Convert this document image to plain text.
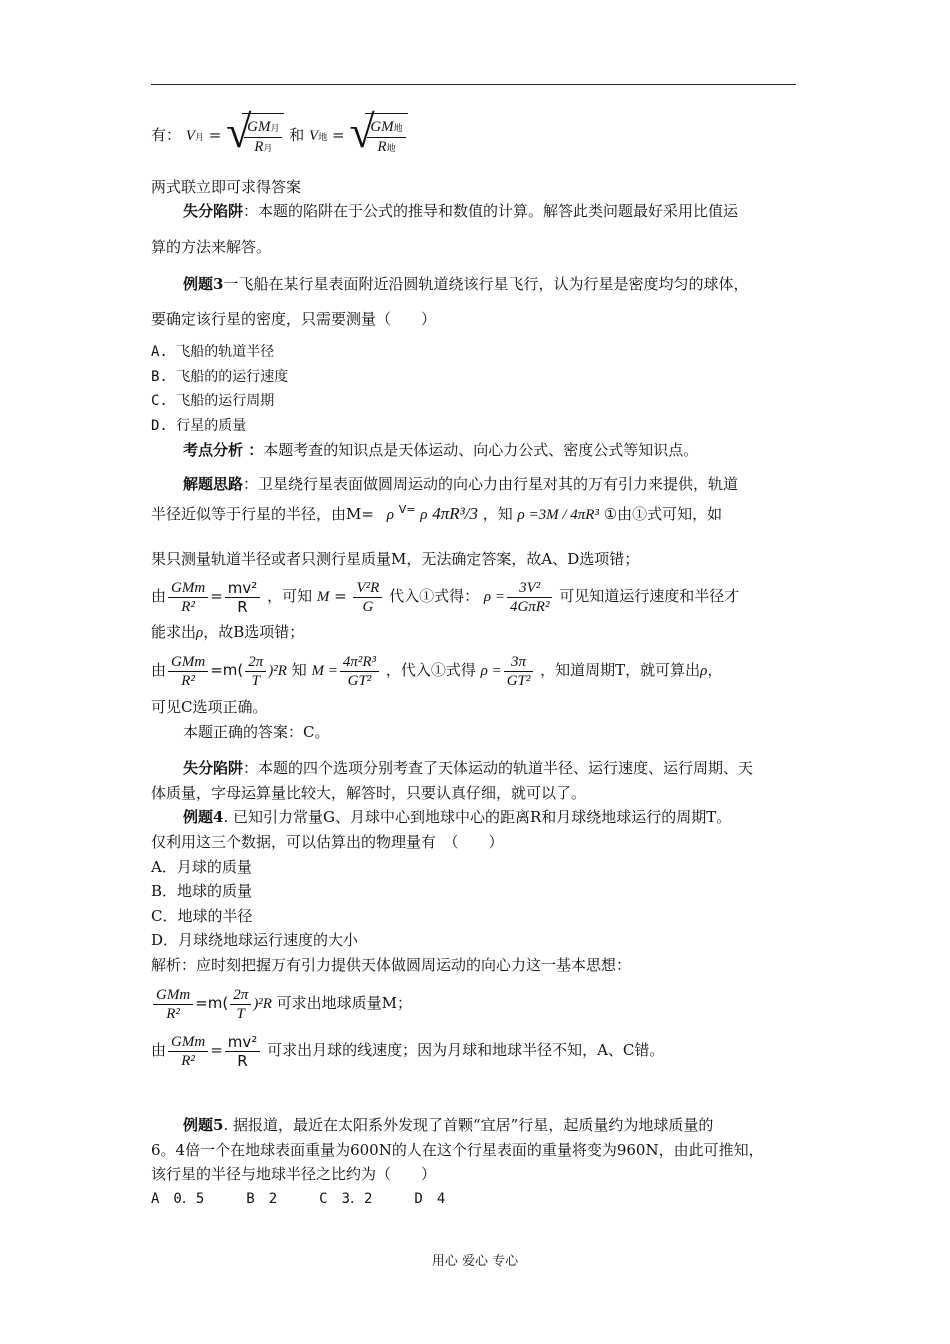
有： V月 = √
$\frac{\text{GM月}}{\text{R月}}$ 和 V地 = √
$\frac{\text{GM地}}{\text{R地}}$
两式联立即可求得答案
失分陷阱：本题的陷阱在于公式的推导和数值的计算。解答此类问题最好采用比值运
算的方法来解答。
例题3一飞船在某行星表面附近沿圆轨道绕该行星飞行，认为行星是密度均匀的球体，
要确定该行星的密度，只需要测量（　　）
A. 飞船的轨道半径
B. 飞船的的运行速度
C. 飞船的运行周期
D. 行星的质量
考点分析 ：本题考查的知识点是天体运动、向心力公式、密度公式等知识点。
解题思路：卫星绕行星表面做圆周运动的向心力由行星对其的万有引力来提供，轨道
半径近似等于行星的半径，由M= ρ $^{V=}$ ρ 4πR³/3 ，知 ρ =3M / 4πR³ ①由①式可知，如
果只测量轨道半径或者只测行星质量M，无法确定答案，故A、D选项错；
由 $\frac{\text{GMm}}{\text{R²}} = \frac{\text{mv²}}{R}$ ，可知 $M = \frac{\text{V²R}}{G}$ 代入①式得： $\rho = \frac{\text{3V²}}{\text{4GπR²}}$ 可见知道运行速度和半径才
能求出ρ，故B选项错；
由 $\frac{\text{GMm}}{\text{R²}} =m( \frac{2\pi}{T} )^2R$ 知 $M = \frac{\text{4π²R³}}{\text{GT²}}$ ，代入①式得 $\rho = \frac{3\pi}{\text{GT²}}$ ，知道周期T，就可算出ρ，
可见C选项正确。
本题正确的答案：C。
失分陷阱：本题的四个选项分别考查了天体运动的轨道半径、运行速度、运行周期、天
体质量，字母运算量比较大，解答时，只要认真仔细，就可以了。
例题4. 已知引力常量G、月球中心到地球中心的距离R和月球绕地球运行的周期T。
仅利用这三个数据，可以估算出的物理量有　（　　）
A．月球的质量
B．地球的质量
C．地球的半径
D．月球绕地球运行速度的大小
解析：应时刻把握万有引力提供天体做圆周运动的向心力这一基本思想：
$\frac{\text{GMm}}{\text{R²}} =m( \frac{2\pi}{T} )^2R$ 可求出地球质量M；
由 $\frac{\text{GMm}}{\text{R²}} = \frac{\text{mv²}}{R}$ 可求出月球的线速度；因为月球和地球半径不知，A、C错。
例题5. 据报道，最近在太阳系外发现了首颗“宜居”行星，起质量约为地球质量的
6。4倍一个在地球表面重量为600N的人在这个行星表面的重量将变为960N，由此可推知，
该行星的半径与地球半径之比约为（　　）
A　0．5　　　B　2　　　C　3．2　　　D　4
用心 爱心 专心
